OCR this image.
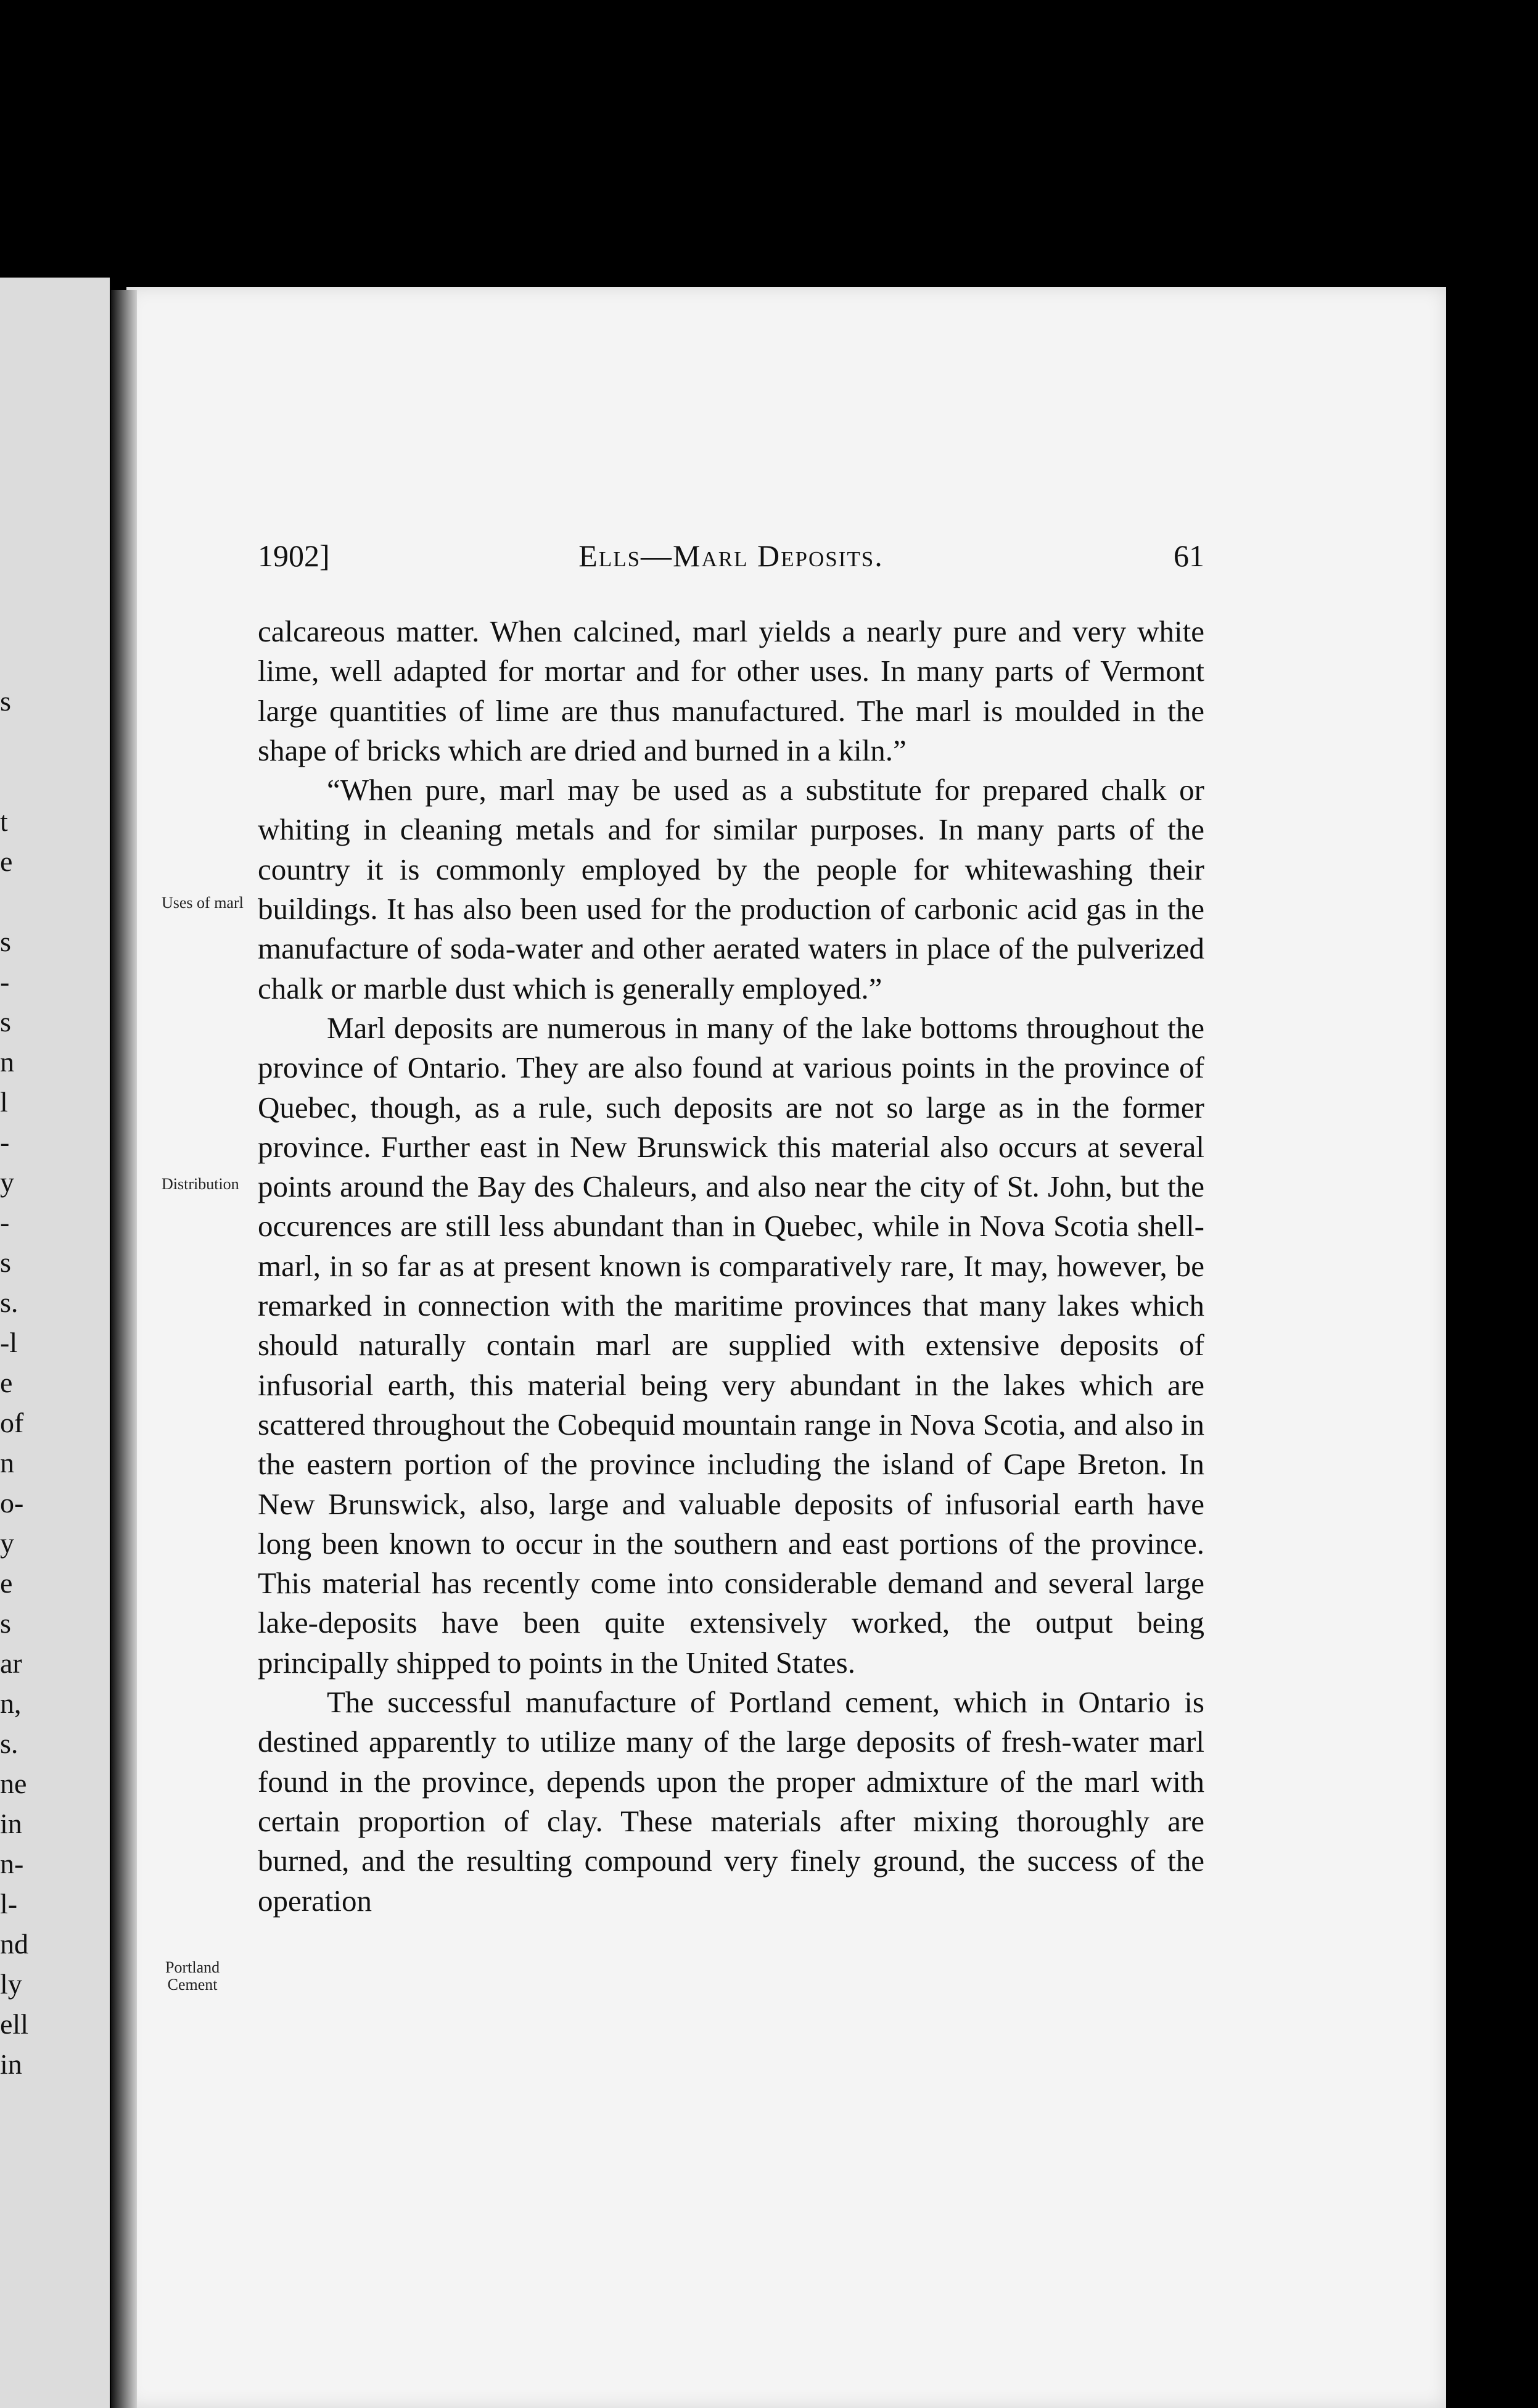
s
t
e
s
-
s
n
l
-
y
-
s
s.
-l
e
of
n
o-
y
e
s
ar
n,
s.
ne
in
n-
l-
nd
ly
ell
in
1902]	Ells—Marl Deposits.	61

calcareous matter. When calcined, marl yields a nearly pure and very white lime, well adapted for mortar and for other uses. In many parts of Vermont large quantities of lime are thus manufactured. The marl is moulded in the shape of bricks which are dried and burned in a kiln.”

“When pure, marl may be used as a substitute for prepared chalk or whiting in cleaning metals and for similar purposes. In many parts of the country it is commonly employed by the people for whitewashing their buildings. It has also been used for the production of carbonic acid gas in the manufacture of soda-water and other aerated waters in place of the pulverized chalk or marble dust which is generally employed.”

Marl deposits are numerous in many of the lake bottoms throughout the province of Ontario. They are also found at various points in the province of Quebec, though, as a rule, such deposits are not so large as in the former province. Further east in New Brunswick this material also occurs at several points around the Bay des Chaleurs, and also near the city of St. John, but the occurences are still less abundant than in Quebec, while in Nova Scotia shell-marl, in so far as at present known is comparatively rare, It may, however, be remarked in connection with the maritime provinces that many lakes which should naturally contain marl are supplied with extensive deposits of infusorial earth, this material being very abundant in the lakes which are scattered throughout the Cobequid mountain range in Nova Scotia, and also in the eastern portion of the province including the island of Cape Breton. In New Brunswick, also, large and valuable deposits of infusorial earth have long been known to occur in the southern and east portions of the province. This material has recently come into considerable demand and several large lake-deposits have been quite extensively worked, the output being principally shipped to points in the United States.

The successful manufacture of Portland cement, which in Ontario is destined apparently to utilize many of the large deposits of fresh-water marl found in the province, depends upon the proper admixture of the marl with certain proportion of clay. These materials after mixing thoroughly are burned, and the resulting compound very finely ground, the success of the operation

Uses of marl
Distribution
Portland
Cement
